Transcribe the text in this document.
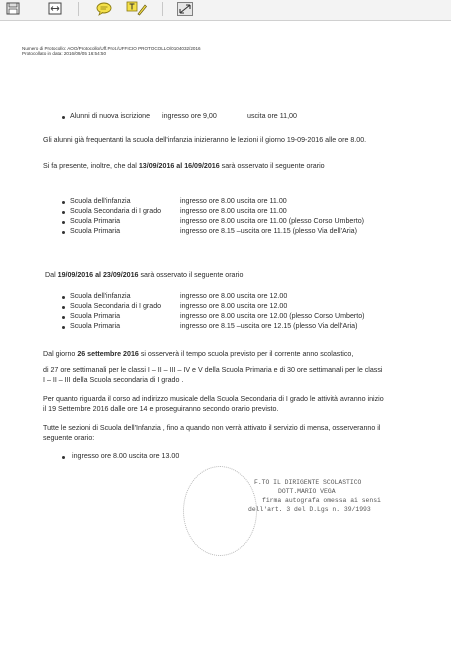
Numero di Protocollo: AOO/Protocollo/Uff.Prot./UFFICIO PROTOCOLLO/0104032/2016
Protocollato in data: 2016/09/05 16:54:50
Alunni di nuova iscrizione ingresso ore 9,00	uscita ore 11,00
Gli alunni già frequentanti la scuola dell'infanzia inizieranno le lezioni il giorno 19-09-2016 alle ore 8.00.
Si fa presente, inoltre, che dal 13/09/2016 al 16/09/2016 sarà osservato il seguente orario
Scuola dell'infanzia	ingresso ore 8.00 uscita ore 11.00
Scuola Secondaria di I grado	ingresso ore 8.00 uscita ore 11.00
Scuola Primaria	ingresso ore 8.00 uscita ore 11.00 (plesso Corso Umberto)
Scuola Primaria	ingresso ore 8.15 –uscita ore 11.15 (plesso Via dell'Aria)
Dal 19/09/2016 al 23/09/2016 sarà osservato il seguente orario
Scuola dell'infanzia	ingresso ore 8.00 uscita ore 12.00
Scuola Secondaria di I grado	ingresso ore 8.00 uscita ore 12.00
Scuola Primaria	ingresso ore 8.00 uscita ore 12.00 (plesso Corso Umberto)
Scuola Primaria	ingresso ore 8.15 –uscita ore 12.15 (plesso Via dell'Aria)
Dal giorno 26 settembre 2016 si osserverà il tempo scuola previsto per il corrente anno scolastico,
di 27 ore settimanali per le classi I – II – III – IV e V della Scuola Primaria e di 30 ore settimanali per le classi
I – II – III della Scuola secondaria di I grado .
Per quanto riguarda il corso ad indirizzo musicale della Scuola Secondaria di I grado le attività avranno inizio
il 19 Settembre 2016 dalle ore 14 e proseguiranno secondo orario previsto.
Tutte le sezioni di Scuola dell'Infanzia , fino a quando non verrà attivato il servizio di mensa, osserveranno il
seguente orario:
ingresso ore 8.00 uscita ore 13.00
F.TO IL DIRIGENTE SCOLASTICO
DOTT.MARIO VEGA
firma autografa omessa ai sensi
dell'art. 3 del D.Lgs n. 39/1993
